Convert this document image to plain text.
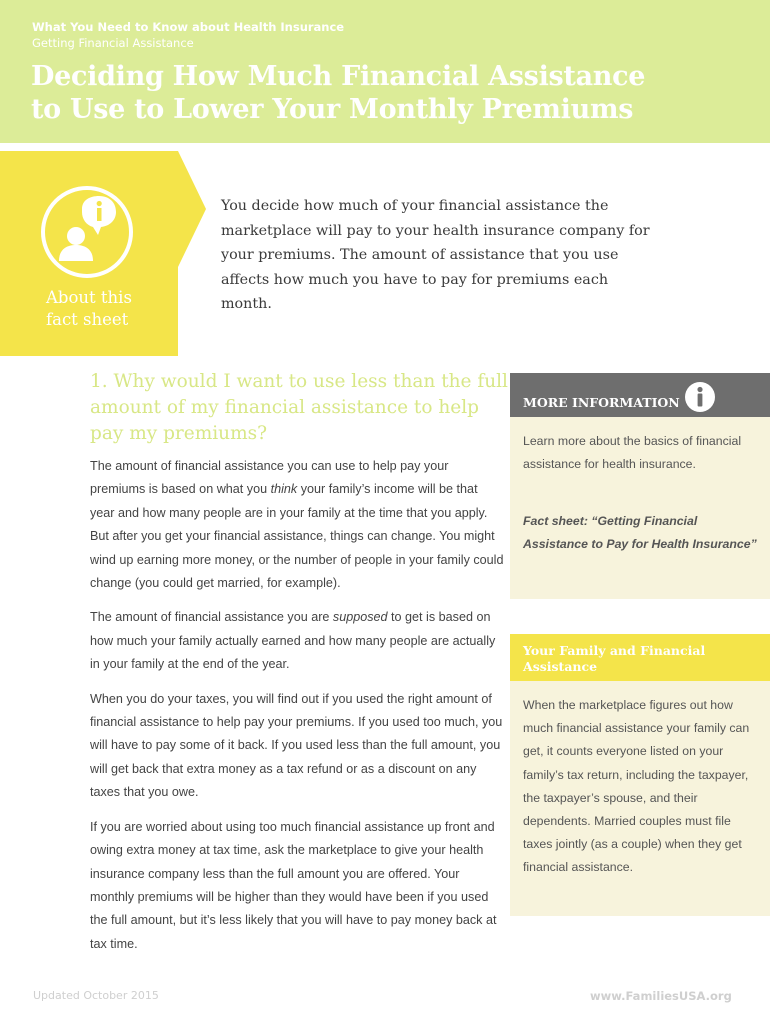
What You Need to Know about Health Insurance
Getting Financial Assistance
Deciding How Much Financial Assistance
to Use to Lower Your Monthly Premiums
About this
fact sheet

You decide how much of your financial assistance the marketplace will pay to your health insurance company for your premiums. The amount of assistance that you use affects how much you have to pay for premiums each month.

1. Why would I want to use less than the full amount of my financial assistance to help pay my premiums?

The amount of financial assistance you can use to help pay your premiums is based on what you think your family’s income will be that year and how many people are in your family at the time that you apply. But after you get your financial assistance, things can change. You might wind up earning more money, or the number of people in your family could change (you could get married, for example).

The amount of financial assistance you are supposed to get is based on how much your family actually earned and how many people are actually in your family at the end of the year.

When you do your taxes, you will find out if you used the right amount of financial assistance to help pay your premiums. If you used too much, you will have to pay some of it back. If you used less than the full amount, you will get back that extra money as a tax refund or as a discount on any taxes that you owe.

If you are worried about using too much financial assistance up front and owing extra money at tax time, ask the marketplace to give your health insurance company less than the full amount you are offered. Your monthly premiums will be higher than they would have been if you used the full amount, but it’s less likely that you will have to pay money back at tax time.

MORE INFORMATION

Learn more about the basics of financial assistance for health insurance.

Fact sheet: “Getting Financial Assistance to Pay for Health Insurance”

Your Family and Financial Assistance

When the marketplace figures out how much financial assistance your family can get, it counts everyone listed on your family’s tax return, including the taxpayer, the taxpayer’s spouse, and their dependents. Married couples must file taxes jointly (as a couple) when they get financial assistance.

Updated October 2015	www.FamiliesUSA.org
